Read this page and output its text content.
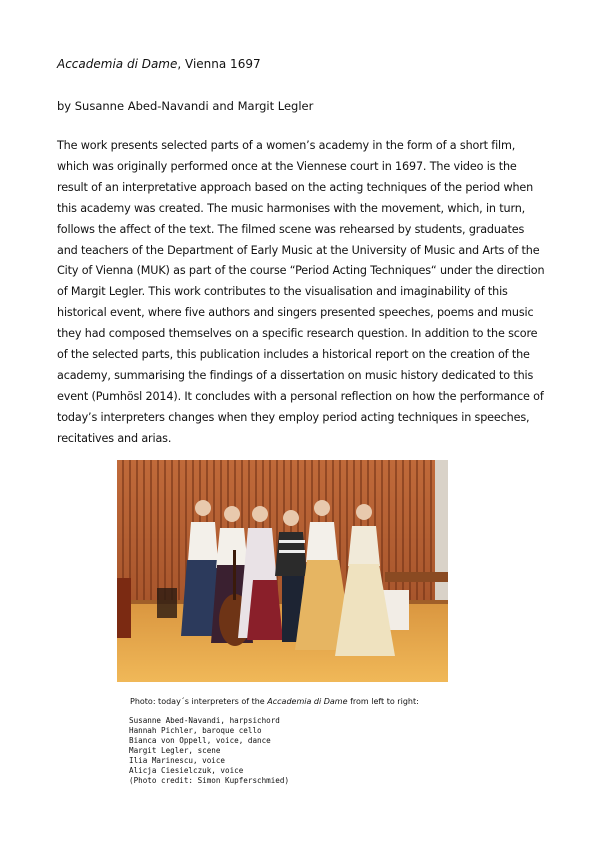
Accademia di Dame, Vienna 1697

by Susanne Abed-Navandi and Margit Legler

The work presents selected parts of a women’s academy in the form of a short film, which was originally performed once at the Viennese court in 1697. The video is the result of an interpretative approach based on the acting techniques of the period when this academy was created. The music harmonises with the movement, which, in turn, follows the affect of the text. The filmed scene was rehearsed by students, graduates and teachers of the Department of Early Music at the University of Music and Arts of the City of Vienna (MUK) as part of the course “Period Acting Techniques“ under the direction of Margit Legler. This work contributes to the visualisation and imaginability of this historical event, where five authors and singers presented speeches, poems and music they had composed themselves on a specific research question. In addition to the score of the selected parts, this publication includes a historical report on the creation of the academy, summarising the findings of a dissertation on music history dedicated to this event (Pumhösl 2014). It concludes with a personal reflection on how the performance of today’s interpreters changes when they employ period acting techniques in speeches, recitatives and arias.

Photo: today´s interpreters of the Accademia di Dame from left to right:

Susanne Abed-Navandi, harpsichord
Hannah Pichler, baroque cello
Bianca von Oppell, voice, dance
Margit Legler, scene
Ilia Marinescu, voice
Alicja Ciesielczuk, voice
(Photo credit: Simon Kupferschmied)
